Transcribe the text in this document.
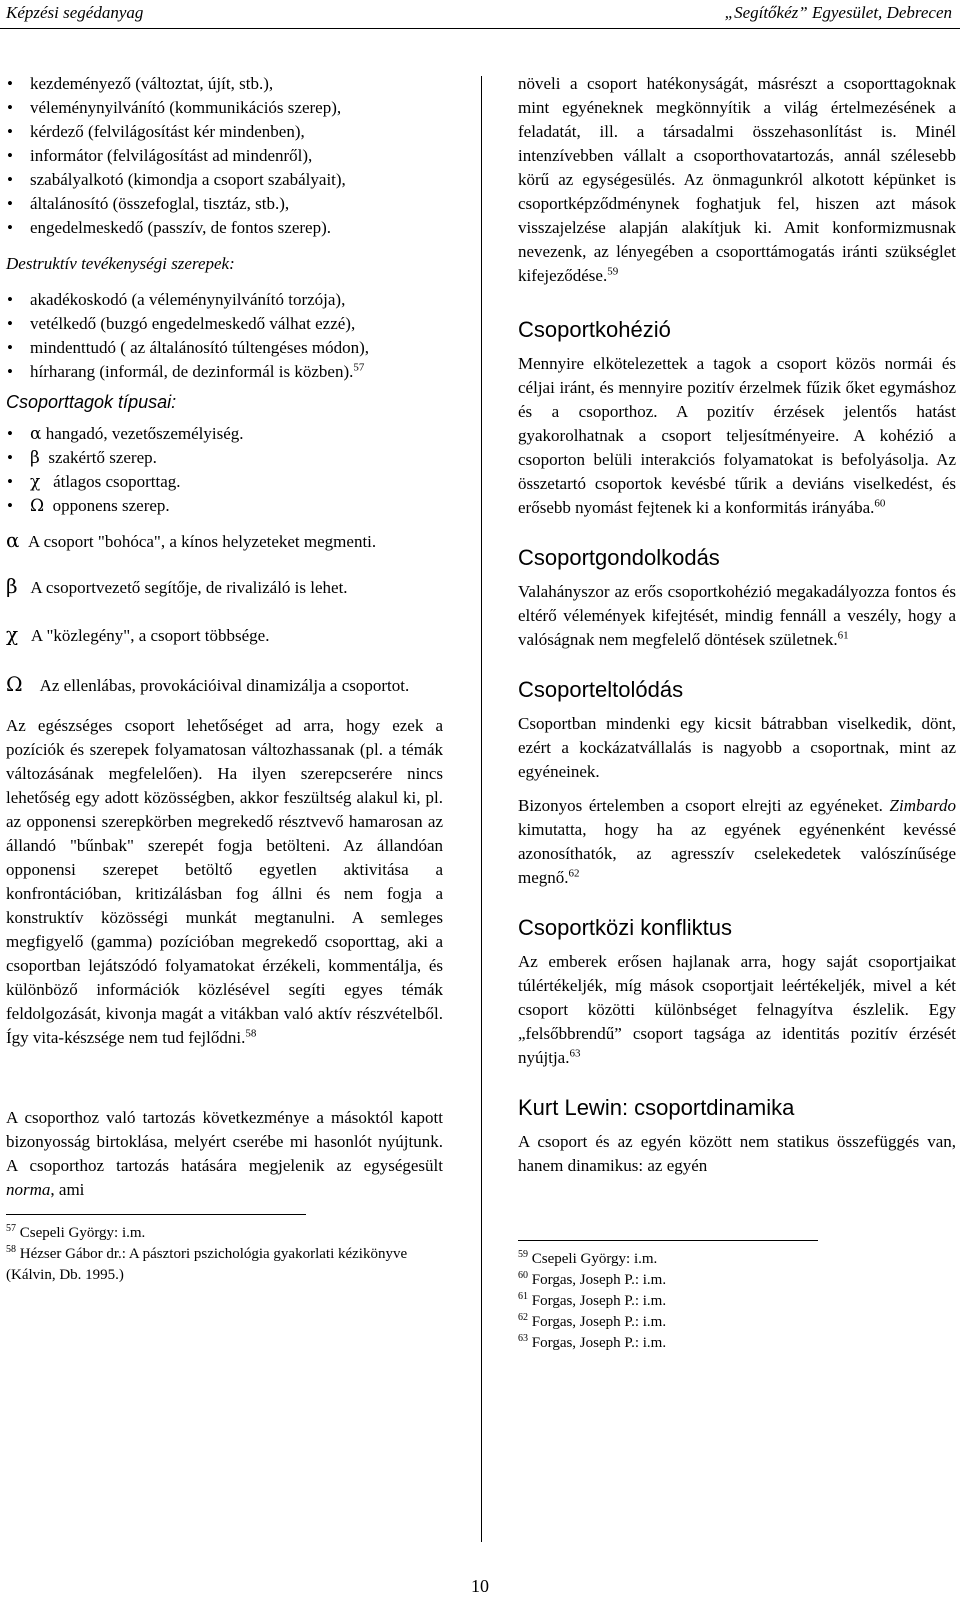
Képzési segédanyag	„Segítőkéz” Egyesület, Debrecen
• kezdeményező (változtat, újít, stb.),
• véleménynyilvánító (kommunikációs szerep),
• kérdező (felvilágosítást kér mindenben),
• informátor (felvilágosítást ad mindenről),
• szabályalkotó (kimondja a csoport szabályait),
• általánosító (összefoglal, tisztáz, stb.),
• engedelmeskedő (passzív, de fontos szerep).
Destruktív tevékenységi szerepek:
• akadékoskodó (a véleménynyilvánító torzója),
• vetélkedő (buzgó engedelmeskedő válhat ezzé),
• mindenttudó ( az általánosító túltengéses módon),
• hírharang (informál, de dezinformál is közben).$^{57}$
Csoporttagok típusai:
• α hangadó, vezetőszemélyiség.
• β szakértő szerep.
• χ átlagos csoporttag.
• Ω opponens szerep.
α A csoport "bohóca", a kínos helyzeteket megmenti.
β A csoportvezető segítője, de rivalizáló is lehet.
χ A "közlegény", a csoport többsége.
Ω Az ellenlábas, provokációival dinamizálja a csoportot.
Az egészséges csoport lehetőséget ad arra, hogy ezek a pozíciók és szerepek folyamatosan változhassanak (pl. a témák változásának megfelelően). Ha ilyen szerepcserére nincs lehetőség egy adott közösségben, akkor feszültség alakul ki, pl. az opponensi szerepkörben megrekedő résztvevő hamarosan az állandó "bűnbak" szerepét fogja betölteni. Az állandóan opponensi szerepet betöltő egyetlen aktivitása a konfrontációban, kritizálásban fog állni és nem fogja a konstruktív közösségi munkát megtanulni. A semleges megfigyelő (gamma) pozícióban megrekedő csoporttag, aki a csoportban lejátszódó folyamatokat érzékeli, kommentálja, és különböző információk közlésével segíti egyes témák feldolgozását, kivonja magát a vitákban való aktív részvételből. Így vita-készsége nem tud fejlődni.$^{58}$
A csoporthoz való tartozás következménye a másoktól kapott bizonyosság birtoklása, melyért cserébe mi hasonlót nyújtunk. A csoporthoz tartozás hatására megjelenik az egységesült norma, ami
$^{57}$ Csepeli György: i.m.
$^{58}$ Hézser Gábor dr.: A pásztori pszichológia gyakorlati kézikönyve (Kálvin, Db. 1995.)
növeli a csoport hatékonyságát, másrészt a csoporttagoknak mint egyéneknek megkönnyítik a világ értelmezésének a feladatát, ill. a társadalmi összehasonlítást is. Minél intenzívebben vállalt a csoporthovatartozás, annál szélesebb körű az egységesülés. Az önmagunkról alkotott képünket is csoportképződménynek foghatjuk fel, hiszen azt mások visszajelzése alapján alakítjuk ki. Amit konformizmusnak nevezenk, az lényegében a csoporttámogatás iránti szükséglet kifejeződése.$^{59}$
Csoportkohézió
Mennyire elkötelezettek a tagok a csoport közös normái és céljai iránt, és mennyire pozitív érzelmek fűzik őket egymáshoz és a csoporthoz. A pozitív érzések jelentős hatást gyakorolhatnak a csoport teljesítményeire. A kohézió a csoporton belüli interakciós folyamatokat is befolyásolja. Az összetartó csoportok kevésbé tűrik a deviáns viselkedést, és erősebb nyomást fejtenek ki a konformitás irányába.$^{60}$
Csoportgondolkodás
Valahányszor az erős csoportkohézió megakadályozza fontos és eltérő vélemények kifejtését, mindig fennáll a veszély, hogy a valóságnak nem megfelelő döntések születnek.$^{61}$
Csoporteltolódás
Csoportban mindenki egy kicsit bátrabban viselkedik, dönt, ezért a kockázatvállalás is nagyobb a csoportnak, mint az egyéneinek.
Bizonyos értelemben a csoport elrejti az egyéneket. Zimbardo kimutatta, hogy ha az egyének egyénenként kevéssé azonosíthatók, az agresszív cselekedetek valószínűsége megnő.$^{62}$
Csoportközi konfliktus
Az emberek erősen hajlanak arra, hogy saját csoportjaikat túlértékeljék, míg mások csoportjait leértékeljék, mivel a két csoport közötti különbséget felnagyítva észlelik. Egy „felsőbbrendű” csoport tagsága az identitás pozitív érzését nyújtja.$^{63}$
Kurt Lewin: csoportdinamika
A csoport és az egyén között nem statikus összefüggés van, hanem dinamikus: az egyén
$^{59}$ Csepeli György: i.m.
$^{60}$ Forgas, Joseph P.: i.m.
$^{61}$ Forgas, Joseph P.: i.m.
$^{62}$ Forgas, Joseph P.: i.m.
$^{63}$ Forgas, Joseph P.: i.m.
10
